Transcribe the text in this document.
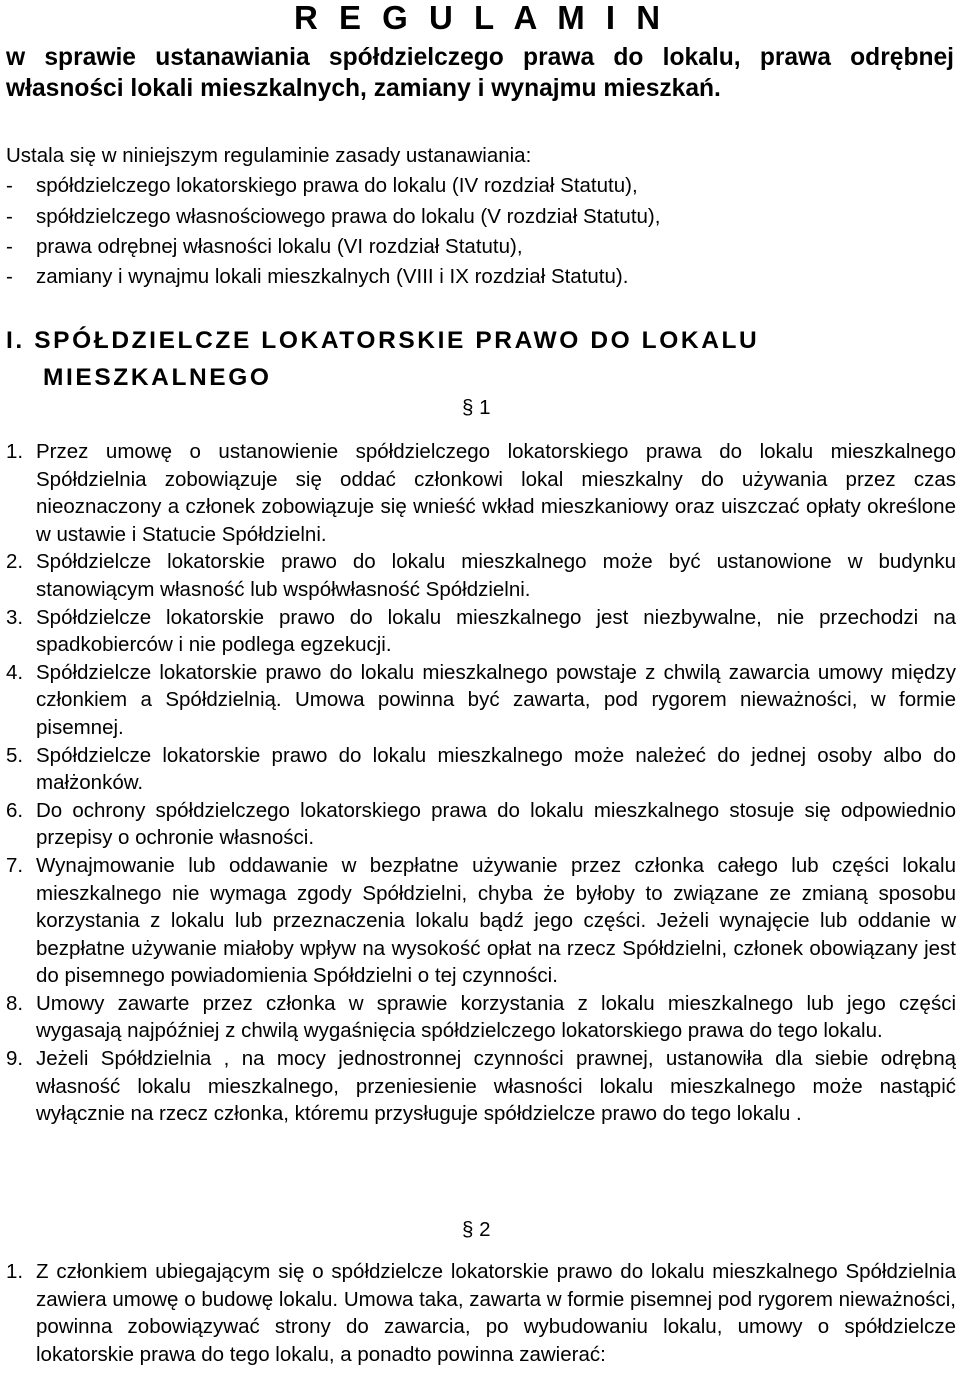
R E G U L A M I N
w sprawie ustanawiania spółdzielczego prawa do lokalu, prawa odrębnej własności lokali mieszkalnych, zamiany i wynajmu mieszkań.
Ustala się w niniejszym regulaminie zasady ustanawiania:
-	spółdzielczego lokatorskiego prawa do lokalu (IV rozdział Statutu),
-	spółdzielczego własnościowego prawa do lokalu (V rozdział Statutu),
-	prawa odrębnej własności lokalu (VI rozdział Statutu),
-	zamiany i wynajmu lokali mieszkalnych (VIII i IX rozdział Statutu).
I. SPÓŁDZIELCZE LOKATORSKIE PRAWO DO LOKALU
MIESZKALNEGO
§ 1
1. Przez umowę o ustanowienie spółdzielczego lokatorskiego prawa do lokalu mieszkalnego Spółdzielnia zobowiązuje się oddać członkowi lokal mieszkalny do używania przez czas nieoznaczony a członek zobowiązuje się wnieść wkład mieszkaniowy oraz uiszczać opłaty określone w ustawie i Statucie Spółdzielni.
2. Spółdzielcze lokatorskie prawo do lokalu mieszkalnego może być ustanowione w budynku stanowiącym własność lub współwłasność Spółdzielni.
3. Spółdzielcze lokatorskie prawo do lokalu mieszkalnego jest niezbywalne, nie przechodzi na spadkobierców i nie podlega egzekucji.
4. Spółdzielcze lokatorskie prawo do lokalu mieszkalnego powstaje z chwilą zawarcia umowy między członkiem a Spółdzielnią. Umowa powinna być zawarta, pod rygorem nieważności, w formie pisemnej.
5. Spółdzielcze lokatorskie prawo do lokalu mieszkalnego może należeć do jednej osoby albo do małżonków.
6. Do ochrony spółdzielczego lokatorskiego prawa do lokalu mieszkalnego stosuje się odpowiednio przepisy o ochronie własności.
7. Wynajmowanie lub oddawanie w bezpłatne używanie przez członka całego lub części lokalu mieszkalnego nie wymaga zgody Spółdzielni, chyba że byłoby to związane ze zmianą sposobu korzystania z lokalu lub przeznaczenia lokalu bądź jego części. Jeżeli wynajęcie lub oddanie w bezpłatne używanie miałoby wpływ na wysokość opłat na rzecz Spółdzielni, członek obowiązany jest do pisemnego powiadomienia Spółdzielni o tej czynności.
8. Umowy zawarte przez członka w sprawie korzystania z lokalu mieszkalnego lub jego części wygasają najpóźniej z chwilą wygaśnięcia spółdzielczego lokatorskiego prawa do tego lokalu.
9. Jeżeli Spółdzielnia , na mocy jednostronnej czynności prawnej, ustanowiła dla siebie odrębną własność lokalu mieszkalnego, przeniesienie własności lokalu mieszkalnego może nastąpić wyłącznie na rzecz członka, któremu przysługuje spółdzielcze prawo do tego lokalu .
§ 2
1. Z członkiem ubiegającym się o spółdzielcze lokatorskie prawo do lokalu mieszkalnego Spółdzielnia zawiera umowę o budowę lokalu. Umowa taka, zawarta w formie pisemnej pod rygorem nieważności, powinna zobowiązywać strony do zawarcia, po wybudowaniu lokalu, umowy o spółdzielcze lokatorskie prawa do tego lokalu, a ponadto powinna zawierać:
